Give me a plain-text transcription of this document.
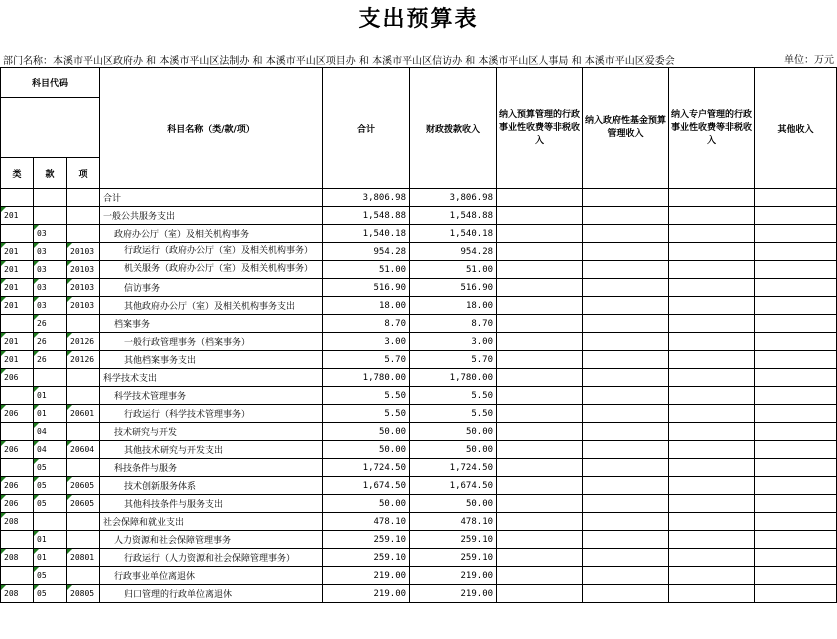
支出预算表
部门名称：本溪市平山区政府办 和 本溪市平山区法制办 和 本溪市平山区项目办 和 本溪市平山区信访办 和 本溪市平山区人事局 和 本溪市平山区爱委会	单位：万元
科目代码			科目名称（类/款/项）	合计	财政拨款收入	纳入预算管理的行政事业性收费等非税收入	纳入政府性基金预算管理收入	纳入专户管理的行政事业性收费等非税收入	其他收入

类	款	项							
			合计	3,806.98	3,806.98				
201			一般公共服务支出	1,548.88	1,548.88				
	03		政府办公厅（室）及相关机构事务	1,540.18	1,540.18				
201	03	20103	行政运行（政府办公厅（室）及相关机构事务）	954.28	954.28				
201	03	20103	机关服务（政府办公厅（室）及相关机构事务）	51.00	51.00				
201	03	20103	信访事务	516.90	516.90				
201	03	20103	其他政府办公厅（室）及相关机构事务支出	18.00	18.00				
	26		档案事务	8.70	8.70				
201	26	20126	一般行政管理事务（档案事务）	3.00	3.00				
201	26	20126	其他档案事务支出	5.70	5.70				
206			科学技术支出	1,780.00	1,780.00				
	01		科学技术管理事务	5.50	5.50				
206	01	20601	行政运行（科学技术管理事务）	5.50	5.50				
	04		技术研究与开发	50.00	50.00				
206	04	20604	其他技术研究与开发支出	50.00	50.00				
	05		科技条件与服务	1,724.50	1,724.50				
206	05	20605	技术创新服务体系	1,674.50	1,674.50				
206	05	20605	其他科技条件与服务支出	50.00	50.00				
208			社会保障和就业支出	478.10	478.10				
	01		人力资源和社会保障管理事务	259.10	259.10				
208	01	20801	行政运行（人力资源和社会保障管理事务）	259.10	259.10				
	05		行政事业单位离退休	219.00	219.00				
208	05	20805	归口管理的行政单位离退休	219.00	219.00				
